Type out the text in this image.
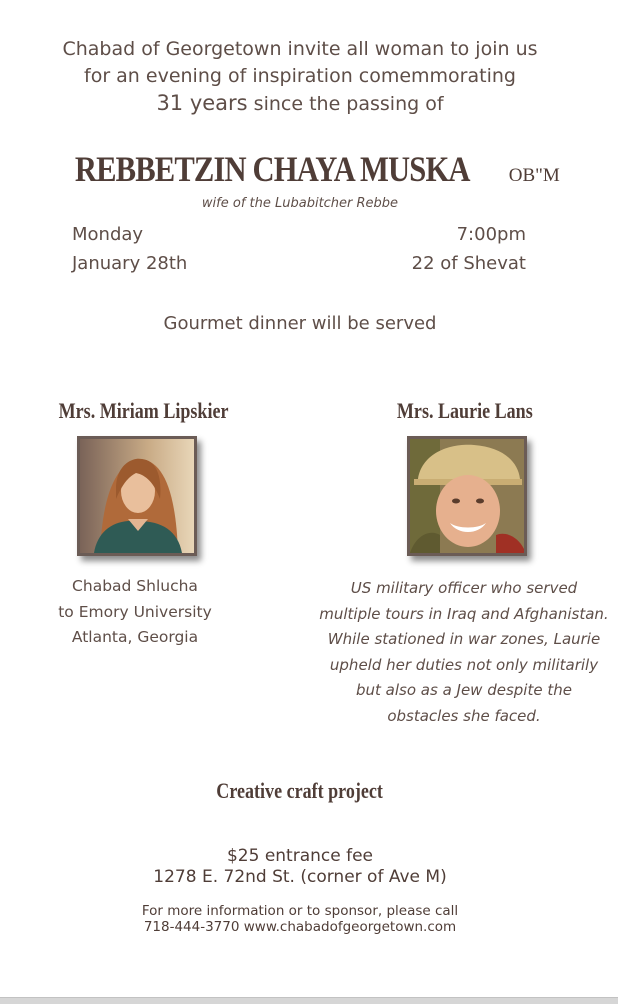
Chabad of Georgetown invite all woman to join us
for an evening of inspiration comemmorating
31 years since the passing of
REBBETZIN CHAYA MUSKA OB"M
wife of the Lubabitcher Rebbe
Monday
January 28th
7:00pm
22 of Shevat
Gourmet dinner will be served
Mrs. Miriam Lipskier	Mrs. Laurie Lans
Chabad Shlucha
to Emory University
Atlanta, Georgia
US military officer who served
multiple tours in Iraq and Afghanistan.
While stationed in war zones, Laurie
upheld her duties not only militarily
but also as a Jew despite the
obstacles she faced.
Creative craft project
$25 entrance fee
1278 E. 72nd St. (corner of Ave M)
For more information or to sponsor, please call
718-444-3770 www.chabadofgeorgetown.com
